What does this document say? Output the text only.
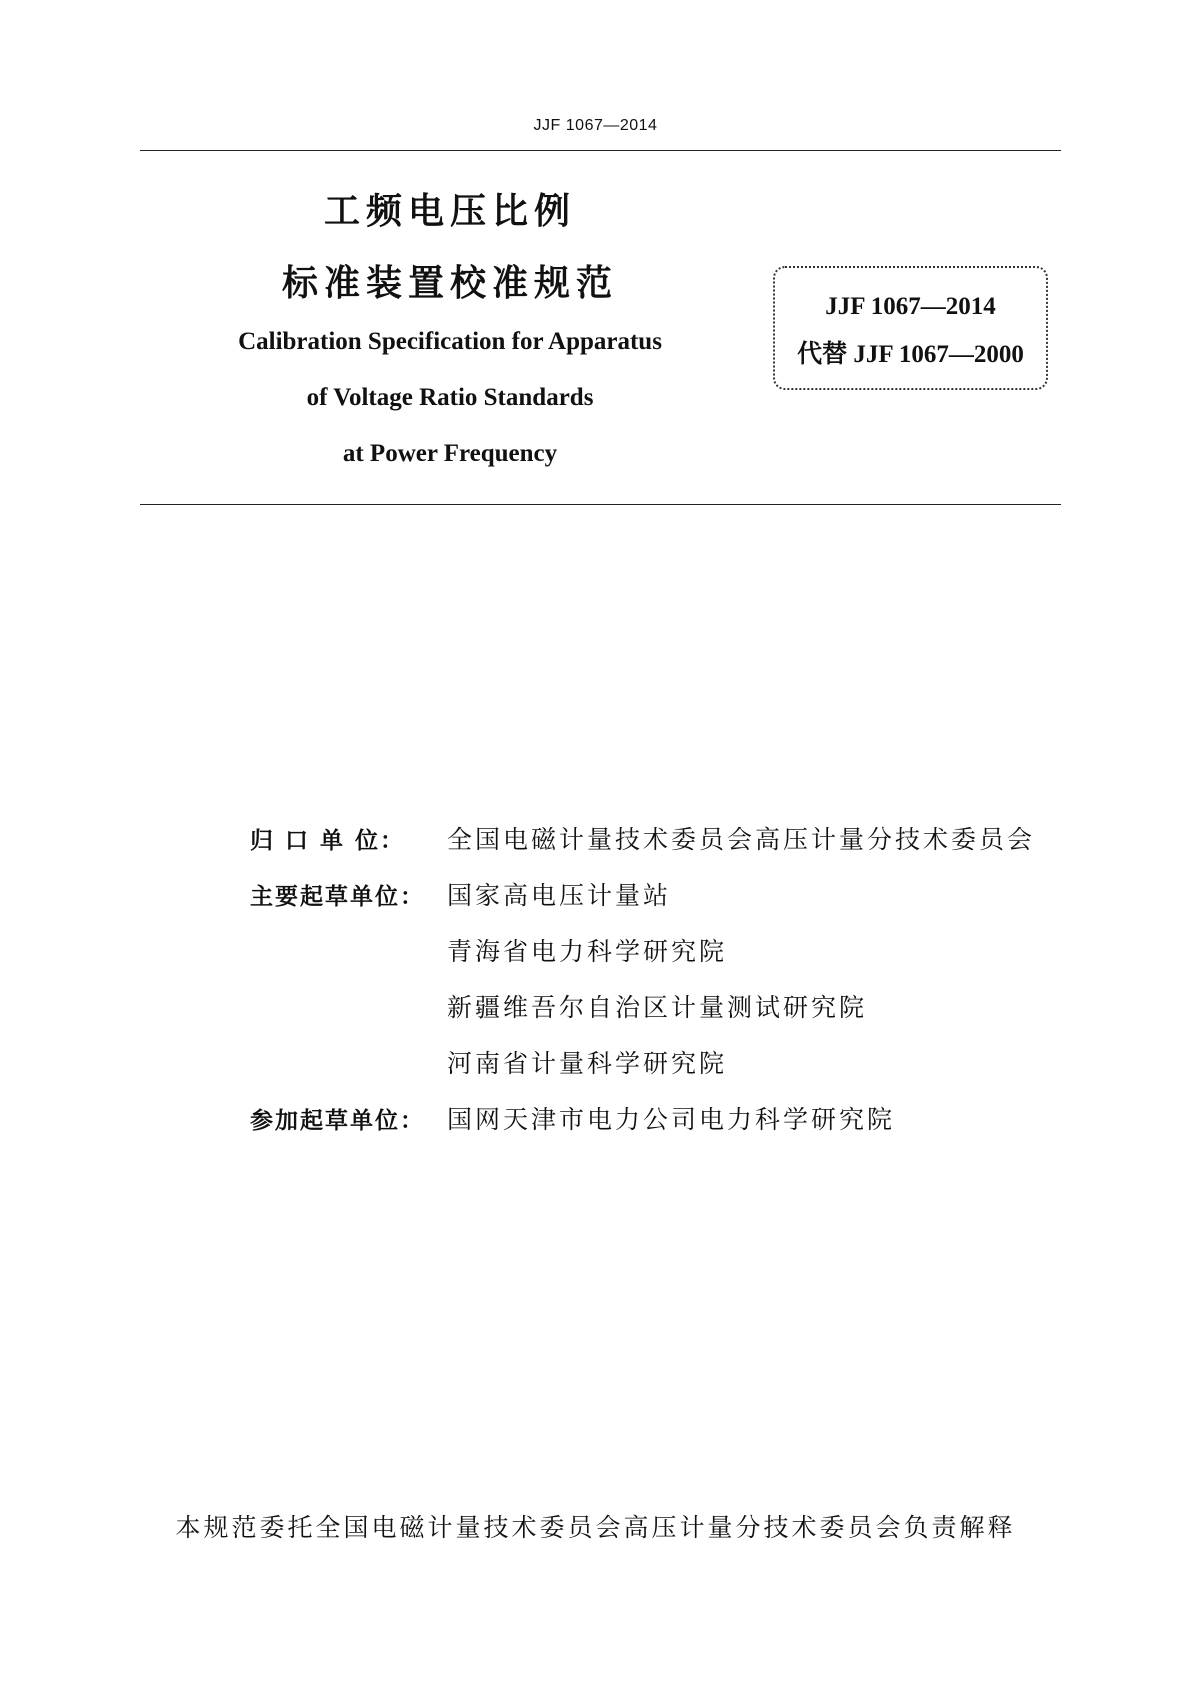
JJF 1067—2014
工频电压比例
标准装置校准规范
Calibration Specification for Apparatus
of Voltage Ratio Standards
at Power Frequency
JJF 1067—2014
代替 JJF 1067—2000
归 口 单 位：	全国电磁计量技术委员会高压计量分技术委员会
主要起草单位： 国家高电压计量站
青海省电力科学研究院
新疆维吾尔自治区计量测试研究院
河南省计量科学研究院
参加起草单位： 国网天津市电力公司电力科学研究院
本规范委托全国电磁计量技术委员会高压计量分技术委员会负责解释
